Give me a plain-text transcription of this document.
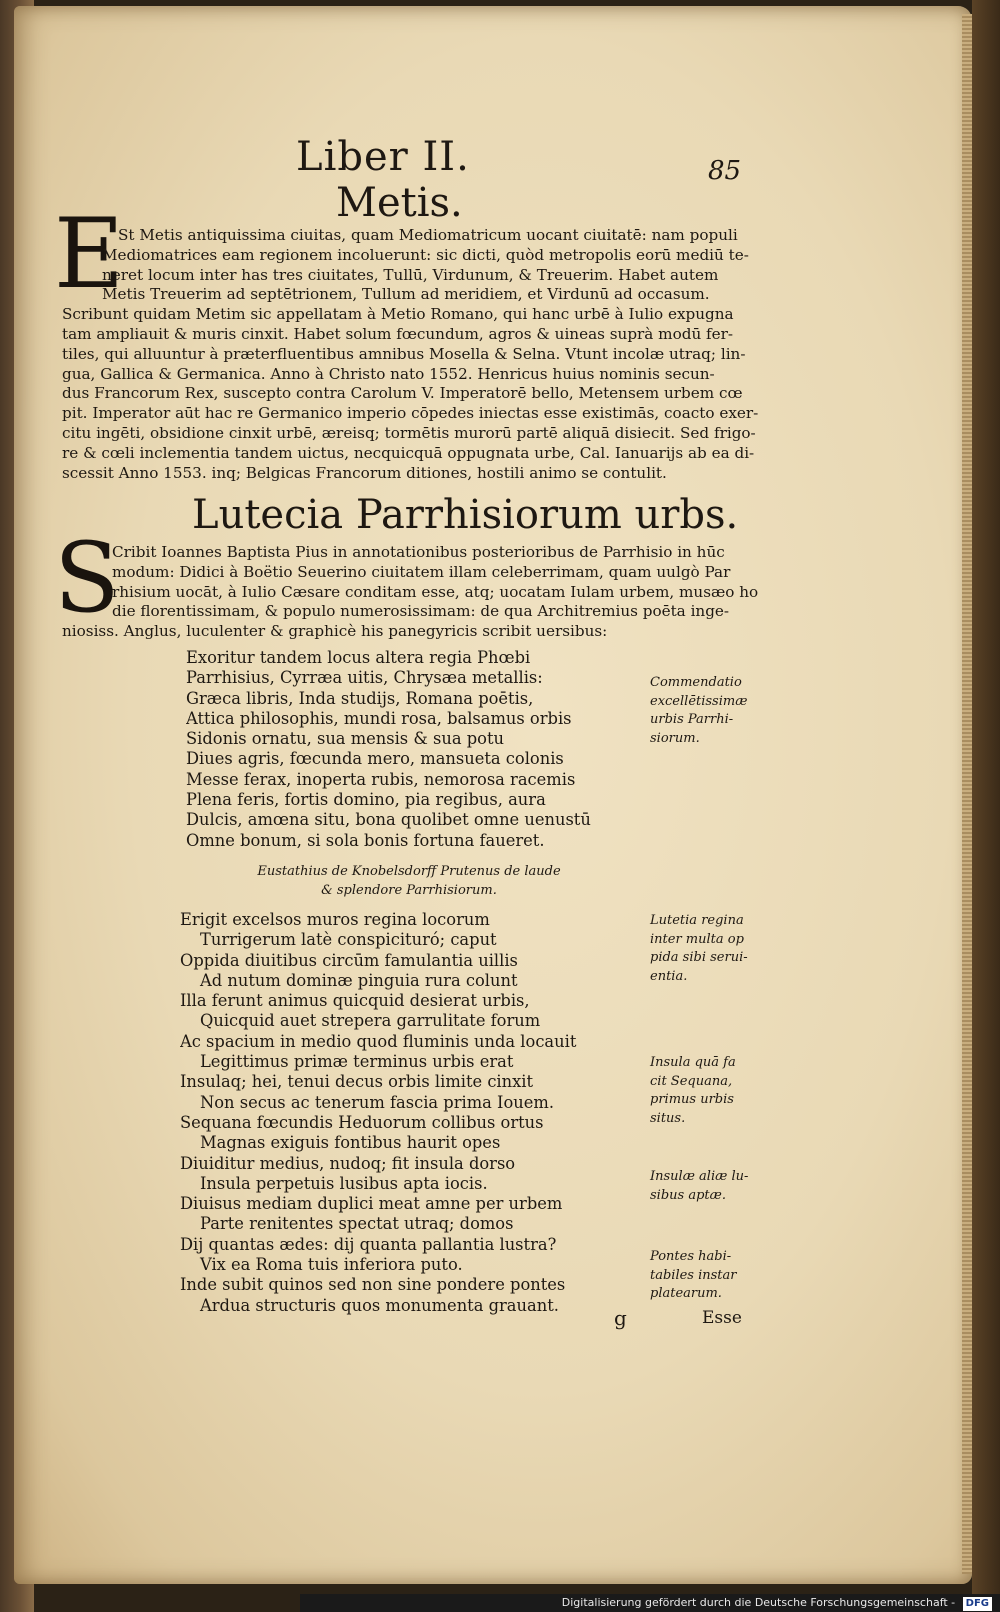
Liber II.	85
Metis.
E
St Metis antiquissima ciuitas, quam Mediomatricum uocant ciuitatē: nam populi
Mediomatrices eam regionem incoluerunt: sic dicti, quòd metropolis eorū mediū te-
neret locum inter has tres ciuitates, Tullū, Virdunum, & Treuerim. Habet autem
Metis Treuerim ad septētrionem, Tullum ad meridiem, et Virdunū ad occasum.
Scribunt quidam Metim sic appellatam à Metio Romano, qui hanc urbē à Iulio expugna
tam ampliauit & muris cinxit. Habet solum fœcundum, agros & uineas suprà modū fer-
tiles, qui alluuntur à præterfluentibus amnibus Mosella & Selna. Vtunt incolæ utraq; lin-
gua, Gallica & Germanica. Anno à Christo nato 1552. Henricus huius nominis secun-
dus Francorum Rex, suscepto contra Carolum V. Imperatorē bello, Metensem urbem cœ
pit. Imperator aūt hac re Germanico imperio cōpedes iniectas esse existimās, coacto exer-
citu ingēti, obsidione cinxit urbē, æreisq; tormētis murorū partē aliquā disiecit. Sed frigo-
re & cœli inclementia tandem uictus, necquicquā oppugnata urbe, Cal. Ianuarijs ab ea di-
scessit Anno 1553. inq; Belgicas Francorum ditiones, hostili animo se contulit.
Lutecia Parrhisiorum urbs.
S
Cribit Ioannes Baptista Pius in annotationibus posterioribus de Parrhisio in hūc
modum: Didici à Boëtio Seuerino ciuitatem illam celeberrimam, quam uulgò Par
rhisium uocāt, à Iulio Cæsare conditam esse, atq; uocatam Iulam urbem, musæo ho
die florentissimam, & populo numerosissimam: de qua Architremius poēta inge-
niosiss. Anglus, luculenter & graphicè his panegyricis scribit uersibus:
Exoritur tandem locus altera regia Phœbi
Parrhisius, Cyrræa uitis, Chrysæa metallis:
Græca libris, Inda studijs, Romana poētis,
Attica philosophis, mundi rosa, balsamus orbis
Sidonis ornatu, sua mensis & sua potu
Diues agris, fœcunda mero, mansueta colonis
Messe ferax, inoperta rubis, nemorosa racemis
Plena feris, fortis domino, pia regibus, aura
Dulcis, amœna situ, bona quolibet omne uenustū
Omne bonum, si sola bonis fortuna faueret.
Eustathius de Knobelsdorff Prutenus de laude
& splendore Parrhisiorum.
Erigit excelsos muros regina locorum
Turrigerum latè conspicituró; caput
Oppida diuitibus circūm famulantia uillis
Ad nutum dominæ pinguia rura colunt
Illa ferunt animus quicquid desierat urbis,
Quicquid auet strepera garrulitate forum
Ac spacium in medio quod fluminis unda locauit
Legittimus primæ terminus urbis erat
Insulaq; hei, tenui decus orbis limite cinxit
Non secus ac tenerum fascia prima Iouem.
Sequana fœcundis Heduorum collibus ortus
Magnas exiguis fontibus haurit opes
Diuiditur medius, nudoq; fit insula dorso
Insula perpetuis lusibus apta iocis.
Diuisus mediam duplici meat amne per urbem
Parte renitentes spectat utraq; domos
Dij quantas ædes: dij quanta pallantia lustra?
Vix ea Roma tuis inferiora puto.
Inde subit quinos sed non sine pondere pontes
Ardua structuris quos monumenta grauant.
Commendatio
excellētissimæ
urbis Parrhi-
siorum.
Lutetia regina
inter multa op
pida sibi serui-
entia.
Insula quā fa
cit Sequana,
primus urbis
situs.
Insulæ aliæ lu-
sibus aptæ.
Pontes habi-
tabiles instar
platearum.
g	Esse
Digitalisierung gefördert durch die Deutsche Forschungsgemeinschaft - DFG
